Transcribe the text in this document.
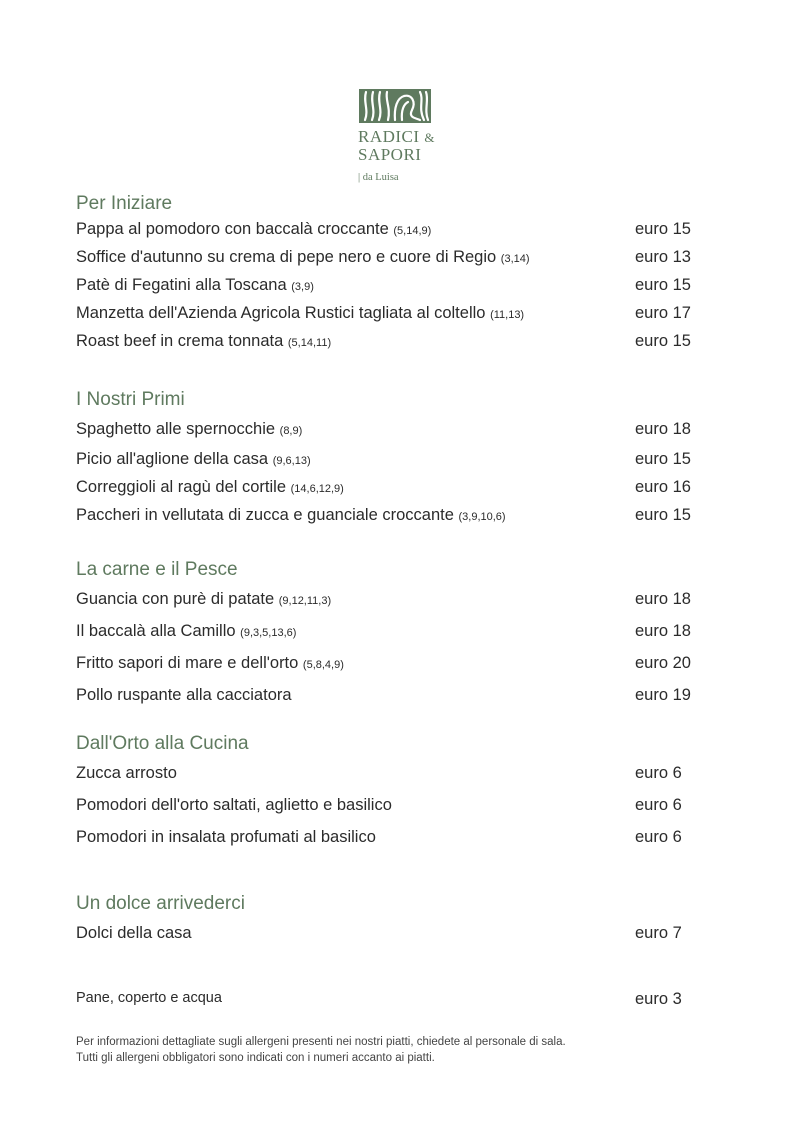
RADICI &
SAPORI
| da Luisa
Per Iniziare
Pappa al pomodoro con baccalà croccante (5,14,9)	euro 15
Soffice d'autunno su crema di pepe nero e cuore di Regio (3,14)	euro 13
Patè di Fegatini alla Toscana (3,9)	euro 15
Manzetta dell'Azienda Agricola Rustici tagliata al coltello (11,13)	euro 17
Roast beef in crema tonnata (5,14,11)	euro 15
I Nostri Primi
Spaghetto alle spernocchie (8,9)	euro 18
Picio all'aglione della casa (9,6,13)	euro 15
Correggioli al ragù del cortile (14,6,12,9)	euro 16
Paccheri in vellutata di zucca e guanciale croccante (3,9,10,6)	euro 15
La carne e il Pesce
Guancia con purè di patate (9,12,11,3)	euro 18
Il baccalà alla Camillo (9,3,5,13,6)	euro 18
Fritto sapori di mare e dell'orto (5,8,4,9)	euro 20
Pollo ruspante alla cacciatora	euro 19
Dall'Orto alla Cucina
Zucca arrosto	euro 6
Pomodori dell'orto saltati, aglietto e basilico	euro 6
Pomodori in insalata profumati al basilico	euro 6
Un dolce arrivederci
Dolci della casa	euro 7
Pane, coperto e acqua	euro 3
Per informazioni dettagliate sugli allergeni presenti nei nostri piatti, chiedete al personale di sala.
Tutti gli allergeni obbligatori sono indicati con i numeri accanto ai piatti.
